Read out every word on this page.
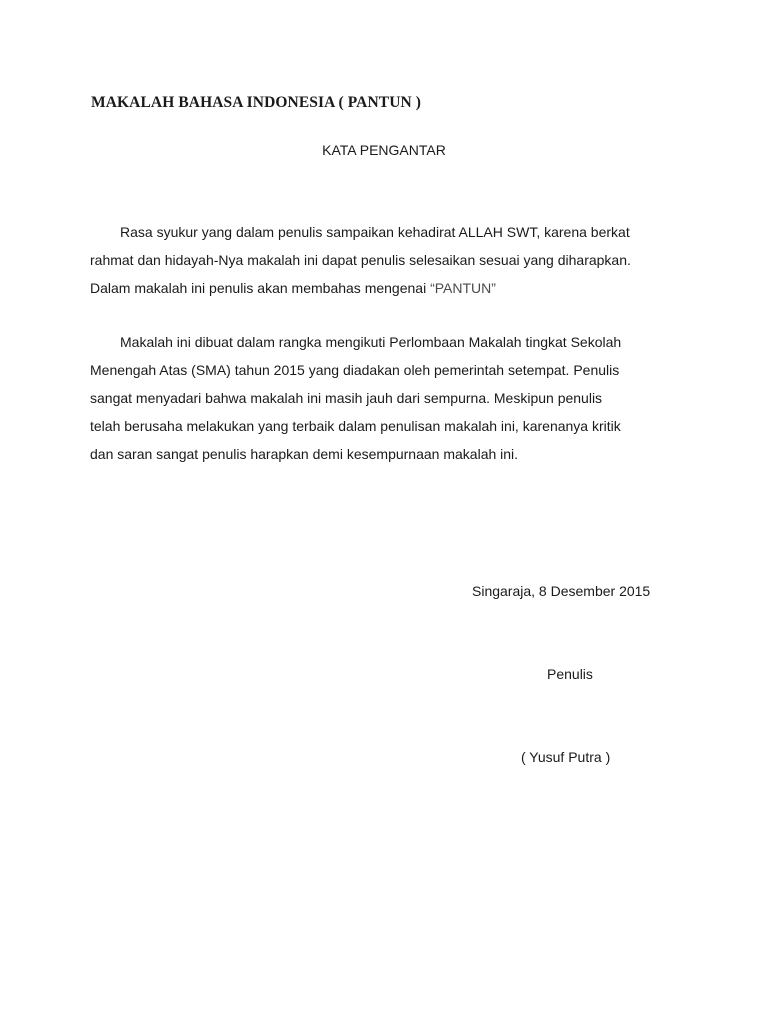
MAKALAH BAHASA INDONESIA ( PANTUN )
KATA PENGANTAR
Rasa syukur yang dalam penulis sampaikan kehadirat ALLAH SWT, karena berkat
rahmat dan hidayah-Nya makalah ini dapat penulis selesaikan sesuai yang diharapkan.
Dalam makalah ini penulis akan membahas mengenai “PANTUN”
Makalah ini dibuat dalam rangka mengikuti Perlombaan Makalah tingkat Sekolah
Menengah Atas (SMA) tahun 2015 yang diadakan oleh pemerintah setempat. Penulis
sangat menyadari bahwa makalah ini masih jauh dari sempurna. Meskipun penulis
telah berusaha melakukan yang terbaik dalam penulisan makalah ini, karenanya kritik
dan saran sangat penulis harapkan demi kesempurnaan makalah ini.

Singaraja, 8 Desember 2015

Penulis

( Yusuf Putra )
